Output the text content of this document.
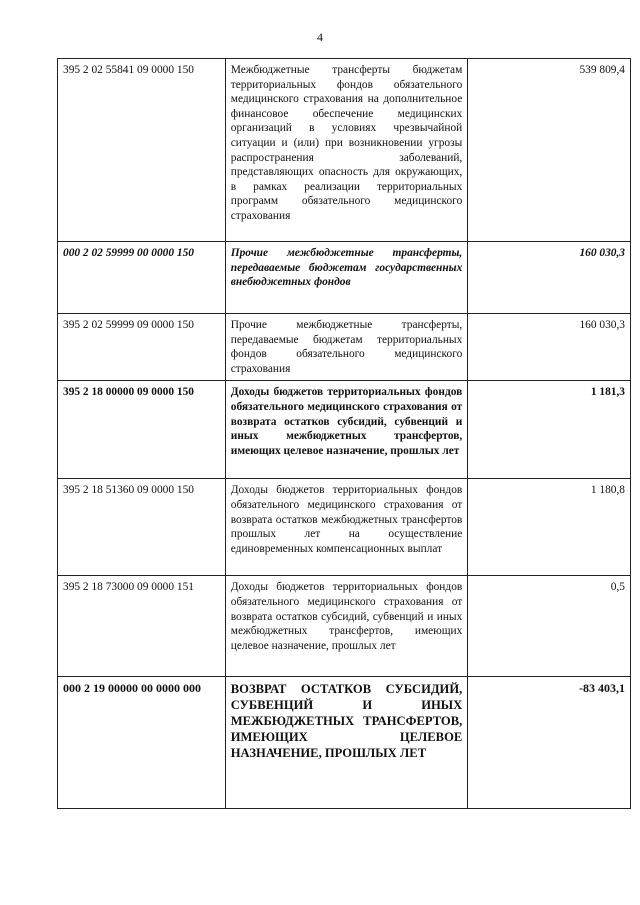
4
395 2 02 55841 09 0000 150	Межбюджетные трансферты бюджетам территориальных фондов обязательного медицинского страхования на дополнительное финансовое обеспечение медицинских организаций в условиях чрезвычайной ситуации и (или) при возникновении угрозы распространения заболеваний, представляющих опасность для окружающих, в рамках реализации территориальных программ обязательного медицинского страхования	539 809,4
000 2 02 59999 00 0000 150	Прочие межбюджетные трансферты, передаваемые бюджетам государственных внебюджетных фондов	160 030,3
395 2 02 59999 09 0000 150	Прочие межбюджетные трансферты, передаваемые бюджетам территориальных фондов обязательного медицинского страхования	160 030,3
395 2 18 00000 09 0000 150	Доходы бюджетов территориальных фондов обязательного медицинского страхования от возврата остатков субсидий, субвенций и иных межбюджетных трансфертов, имеющих целевое назначение, прошлых лет	1 181,3
395 2 18 51360 09 0000 150	Доходы бюджетов территориальных фондов обязательного медицинского страхования от возврата остатков межбюджетных трансфертов прошлых лет на осуществление единовременных компенсационных выплат	1 180,8
395 2 18 73000 09 0000 151	Доходы бюджетов территориальных фондов обязательного медицинского страхования от возврата остатков субсидий, субвенций и иных межбюджетных трансфертов, имеющих целевое назначение, прошлых лет	0,5
000 2 19 00000 00 0000 000	ВОЗВРАТ ОСТАТКОВ СУБСИДИЙ, СУБВЕНЦИЙ И ИНЫХ МЕЖБЮДЖЕТНЫХ ТРАНСФЕРТОВ, ИМЕЮЩИХ ЦЕЛЕВОЕ НАЗНАЧЕНИЕ, ПРОШЛЫХ ЛЕТ	-83 403,1
